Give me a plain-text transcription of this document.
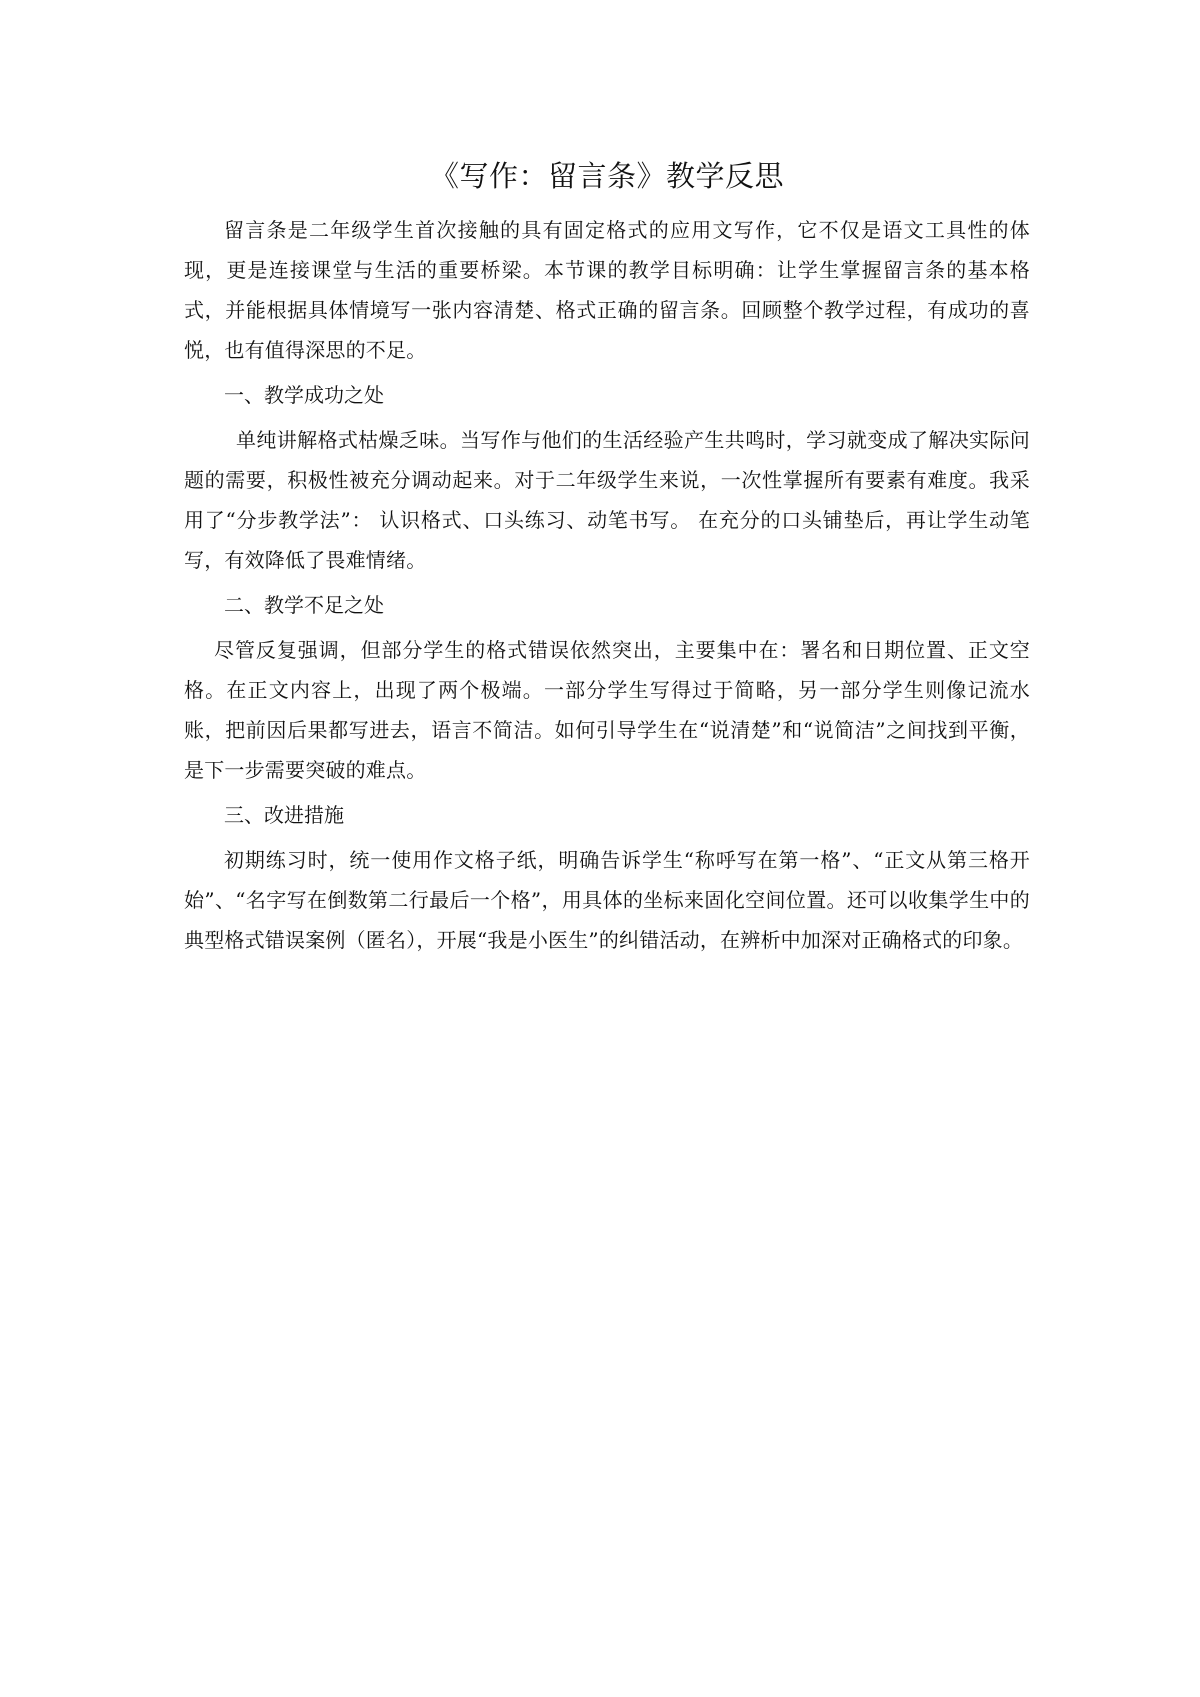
《写作：留言条》教学反思

留言条是二年级学生首次接触的具有固定格式的应用文写作，它不仅是语文工具性的体现，更是连接课堂与生活的重要桥梁。本节课的教学目标明确：让学生掌握留言条的基本格式，并能根据具体情境写一张内容清楚、格式正确的留言条。回顾整个教学过程，有成功的喜悦，也有值得深思的不足。

一、教学成功之处

单纯讲解格式枯燥乏味。当写作与他们的生活经验产生共鸣时，学习就变成了解决实际问题的需要，积极性被充分调动起来。对于二年级学生来说，一次性掌握所有要素有难度。我采用了“分步教学法”： 认识格式、口头练习、动笔书写。 在充分的口头铺垫后，再让学生动笔写，有效降低了畏难情绪。

二、教学不足之处

尽管反复强调，但部分学生的格式错误依然突出，主要集中在：署名和日期位置、正文空格。在正文内容上，出现了两个极端。一部分学生写得过于简略，另一部分学生则像记流水账，把前因后果都写进去，语言不简洁。如何引导学生在“说清楚”和“说简洁”之间找到平衡，是下一步需要突破的难点。

三、改进措施

初期练习时，统一使用作文格子纸，明确告诉学生“称呼写在第一格”、“正文从第三格开始”、“名字写在倒数第二行最后一个格”，用具体的坐标来固化空间位置。还可以收集学生中的典型格式错误案例（匿名），开展“我是小医生”的纠错活动，在辨析中加深对正确格式的印象。
